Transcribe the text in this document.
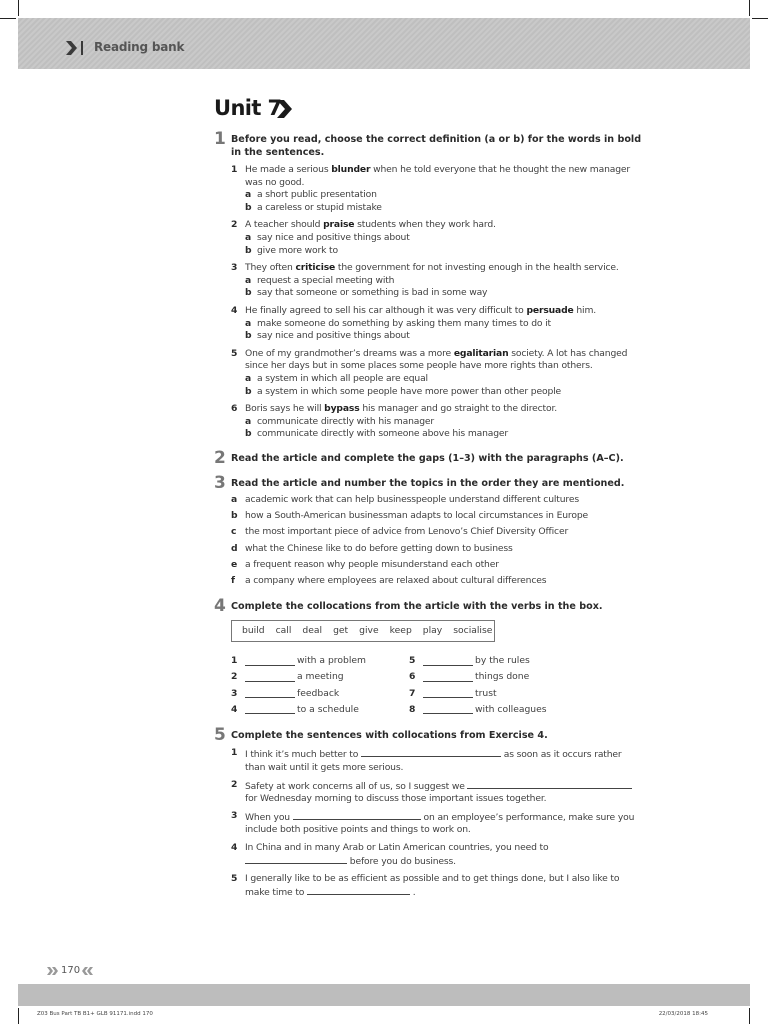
Reading bank
Unit 7
1 Before you read, choose the correct definition (a or b) for the words in bold in the sentences.
1 He made a serious blunder when he told everyone that he thought the new manager was no good.
a a short public presentation
b a careless or stupid mistake
2 A teacher should praise students when they work hard.
a say nice and positive things about
b give more work to
3 They often criticise the government for not investing enough in the health service.
a request a special meeting with
b say that someone or something is bad in some way
4 He finally agreed to sell his car although it was very difficult to persuade him.
a make someone do something by asking them many times to do it
b say nice and positive things about
5 One of my grandmother’s dreams was a more egalitarian society. A lot has changed since her days but in some places some people have more rights than others.
a a system in which all people are equal
b a system in which some people have more power than other people
6 Boris says he will bypass his manager and go straight to the director.
a communicate directly with his manager
b communicate directly with someone above his manager
2 Read the article and complete the gaps (1–3) with the paragraphs (A–C).
3 Read the article and number the topics in the order they are mentioned.
a academic work that can help businesspeople understand different cultures
b how a South-American businessman adapts to local circumstances in Europe
c the most important piece of advice from Lenovo’s Chief Diversity Officer
d what the Chinese like to do before getting down to business
e a frequent reason why people misunderstand each other
f a company where employees are relaxed about cultural differences
4 Complete the collocations from the article with the verbs in the box.
build call deal get give keep play socialise
1	with a problem	5	by the rules
2	a meeting	6	things done
3	feedback	7	trust
4	to a schedule	8	with colleagues
5 Complete the sentences with collocations from Exercise 4.
1 I think it’s much better to	as soon as it occurs rather than wait until it gets more serious.
2 Safety at work concerns all of us, so I suggest we  for Wednesday morning to discuss those important issues together.
3 When you	on an employee’s performance, make sure you include both positive points and things to work on.
4 In China and in many Arab or Latin American countries, you need to  before you do business.
5 I generally like to be as efficient as possible and to get things done, but I also like to make time to	.
170
Z03 Bus Part TB B1+ GLB 91171.indd 170	22/03/2018 18:45
